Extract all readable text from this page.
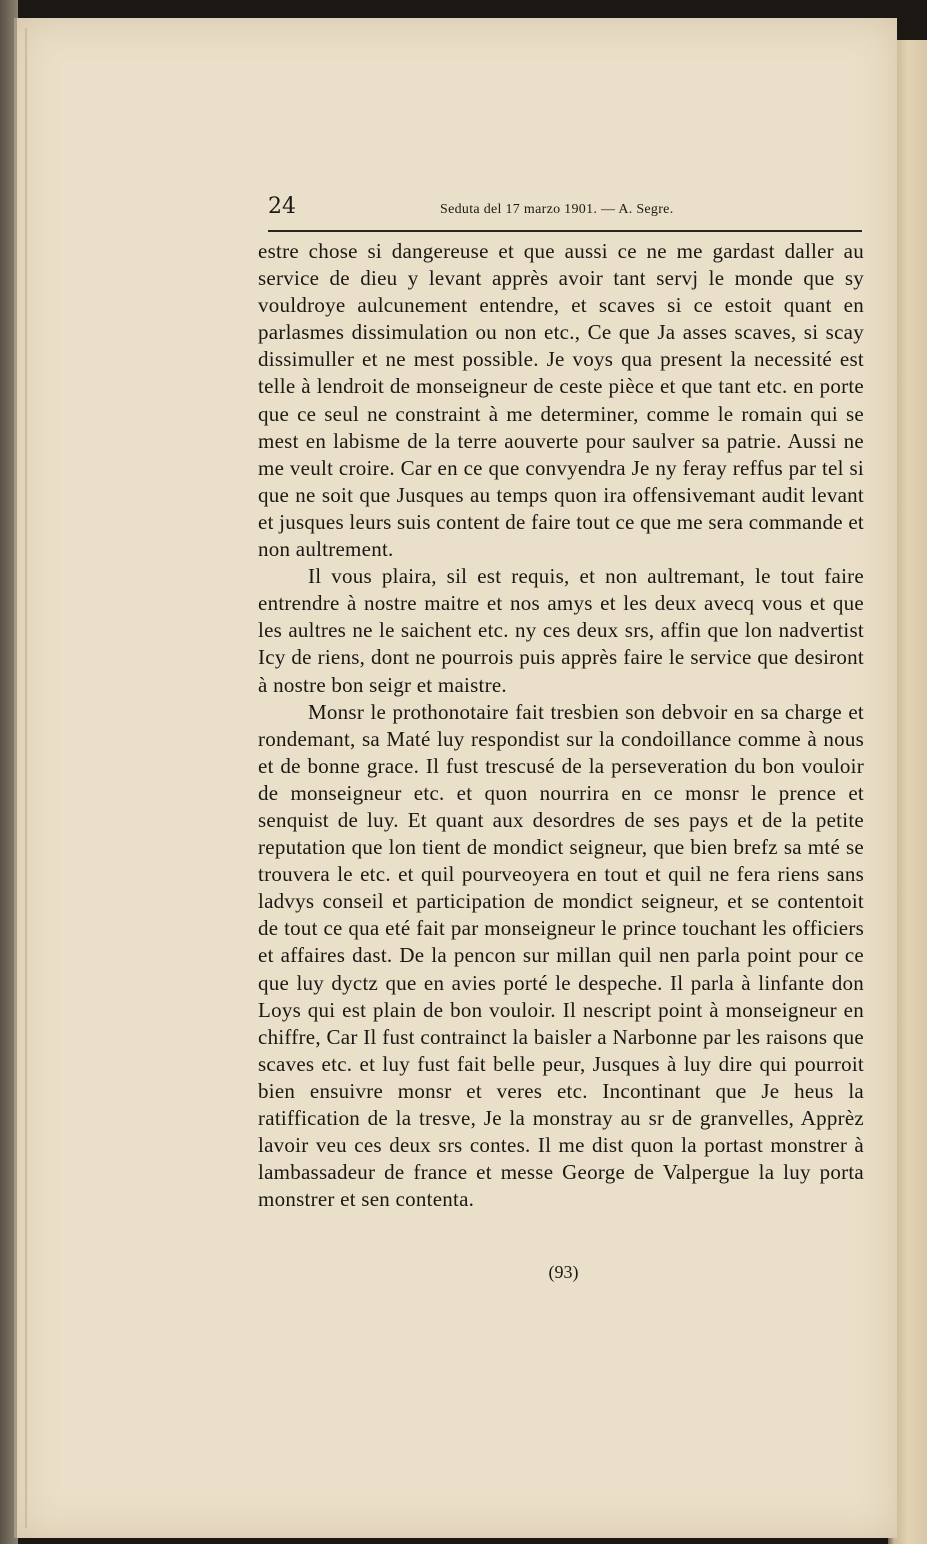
24	Seduta del 17 marzo 1901. — A. Segre.

estre chose si dangereuse et que aussi ce ne me gardast daller au service de dieu y levant apprès avoir tant servj le monde que sy vouldroye aulcunement entendre, et scaves si ce estoit quant en parlasmes dissimulation ou non etc., Ce que Ja asses scaves, si scay dissimuller et ne mest possible. Je voys qua present la necessité est telle à lendroit de monseigneur de ceste pièce et que tant etc. en porte que ce seul ne constraint à me determiner, comme le romain qui se mest en labisme de la terre aouverte pour saulver sa patrie. Aussi ne me veult croire. Car en ce que convyendra Je ny feray reffus par tel si que ne soit que Jusques au temps quon ira offensivemant audit levant et jusques leurs suis content de faire tout ce que me sera commande et non aultrement.

Il vous plaira, sil est requis, et non aultremant, le tout faire entrendre à nostre maitre et nos amys et les deux avecq vous et que les aultres ne le saichent etc. ny ces deux srs, affin que lon nadvertist Icy de riens, dont ne pourrois puis apprès faire le service que desiront à nostre bon seigr et maistre.

Monsr le prothonotaire fait tresbien son debvoir en sa charge et rondemant, sa Maté luy respondist sur la condoillance comme à nous et de bonne grace. Il fust trescusé de la perseveration du bon vouloir de monseigneur etc. et quon nourrira en ce monsr le prence et senquist de luy. Et quant aux desordres de ses pays et de la petite reputation que lon tient de mondict seigneur, que bien brefz sa mté se trouvera le etc. et quil pourveoyera en tout et quil ne fera riens sans ladvys conseil et participation de mondict seigneur, et se contentoit de tout ce qua eté fait par monseigneur le prince touchant les officiers et affaires dast. De la pencon sur millan quil nen parla point pour ce que luy dyctz que en avies porté le despeche. Il parla à linfante don Loys qui est plain de bon vouloir. Il nescript point à monseigneur en chiffre, Car Il fust contrainct la baisler a Narbonne par les raisons que scaves etc. et luy fust fait belle peur, Jusques à luy dire qui pourroit bien ensuivre monsr et veres etc. Incontinant que Je heus la ratiffication de la tresve, Je la monstray au sr de granvelles, Apprèz lavoir veu ces deux srs contes. Il me dist quon la portast monstrer à lambassadeur de france et messe George de Valpergue la luy porta monstrer et sen contenta.

(93)
